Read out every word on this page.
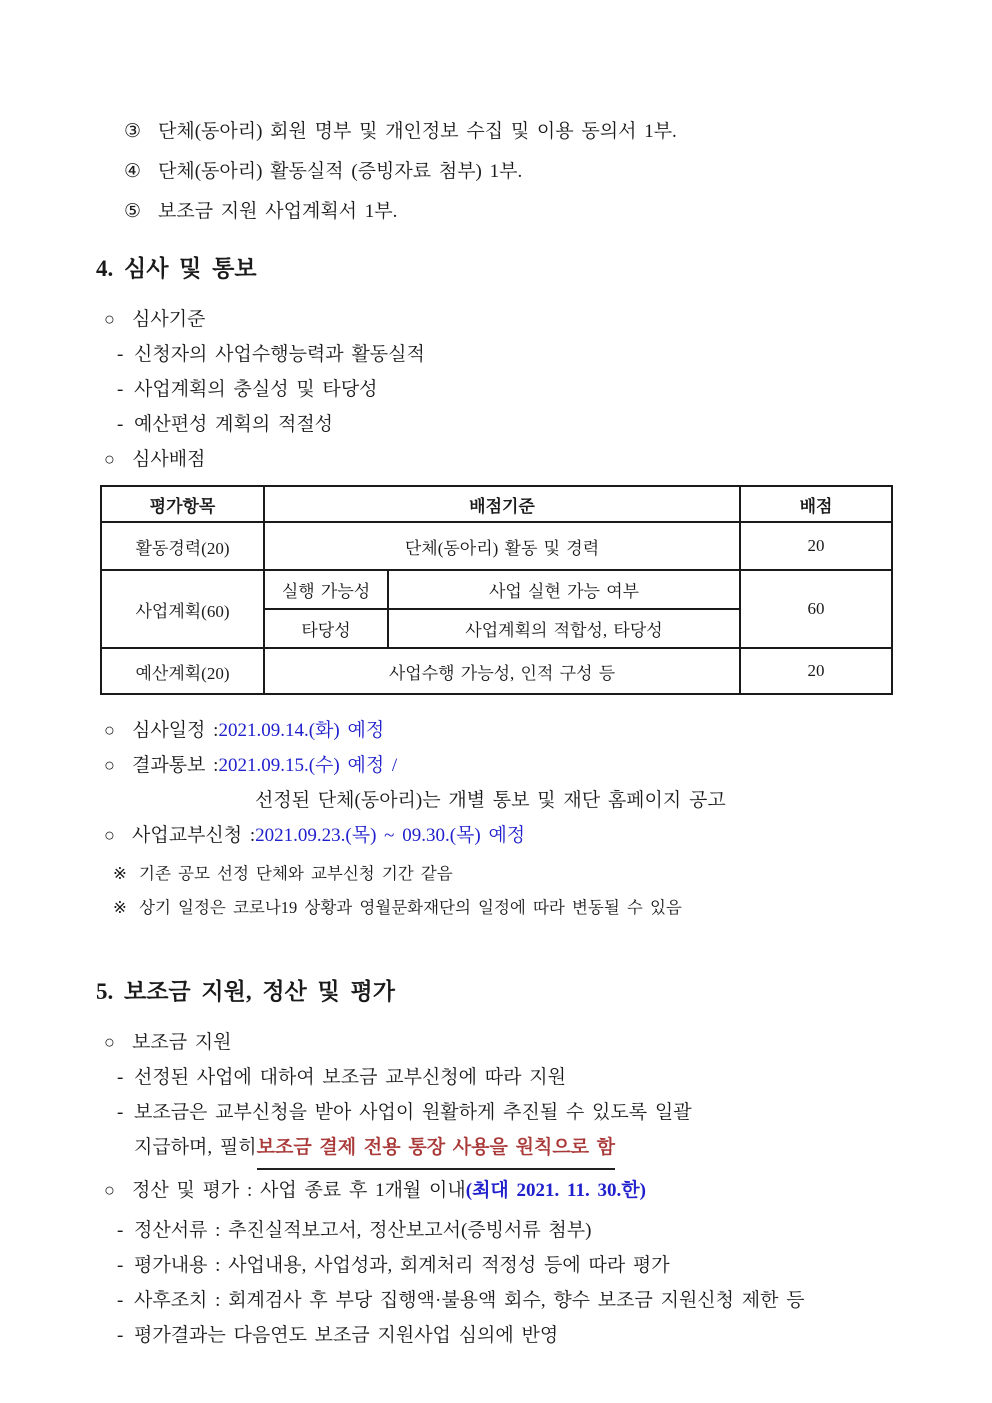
③ 단체(동아리) 회원 명부 및 개인정보 수집 및 이용 동의서 1부.
④ 단체(동아리) 활동실적 (증빙자료 첨부) 1부.
⑤ 보조금 지원 사업계획서 1부.
4. 심사 및 통보
○ 심사기준
- 신청자의 사업수행능력과 활동실적
- 사업계획의 충실성 및 타당성
- 예산편성 계획의 적절성
○ 심사배점
평가항목	배점기준		배점
활동경력(20)	단체(동아리) 활동 및 경력		20
사업계획(60)	실행 가능성	사업 실현 가능 여부	60
	타당성	사업계획의 적합성, 타당성	
예산계획(20)	사업수행 가능성, 인적 구성 등		20
○ 심사일정 : 2021.09.14.(화) 예정
○ 결과통보 : 2021.09.15.(수) 예정 /
선정된 단체(동아리)는 개별 통보 및 재단 홈페이지 공고
○ 사업교부신청 : 2021.09.23.(목) ~ 09.30.(목) 예정
※ 기존 공모 선정 단체와 교부신청 기간 같음
※ 상기 일정은 코로나19 상황과 영월문화재단의 일정에 따라 변동될 수 있음
5. 보조금 지원, 정산 및 평가
○ 보조금 지원
- 선정된 사업에 대하여 보조금 교부신청에 따라 지원
- 보조금은 교부신청을 받아 사업이 원활하게 추진될 수 있도록 일괄
지급하며, 필히 보조금 결제 전용 통장 사용을 원칙으로 함
○ 정산 및 평가 : 사업 종료 후 1개월 이내 (최대 2021. 11. 30.한)
- 정산서류 : 추진실적보고서, 정산보고서(증빙서류 첨부)
- 평가내용 : 사업내용, 사업성과, 회계처리 적정성 등에 따라 평가
- 사후조치 : 회계검사 후 부당 집행액·불용액 회수, 향수 보조금 지원신청 제한 등
- 평가결과는 다음연도 보조금 지원사업 심의에 반영
